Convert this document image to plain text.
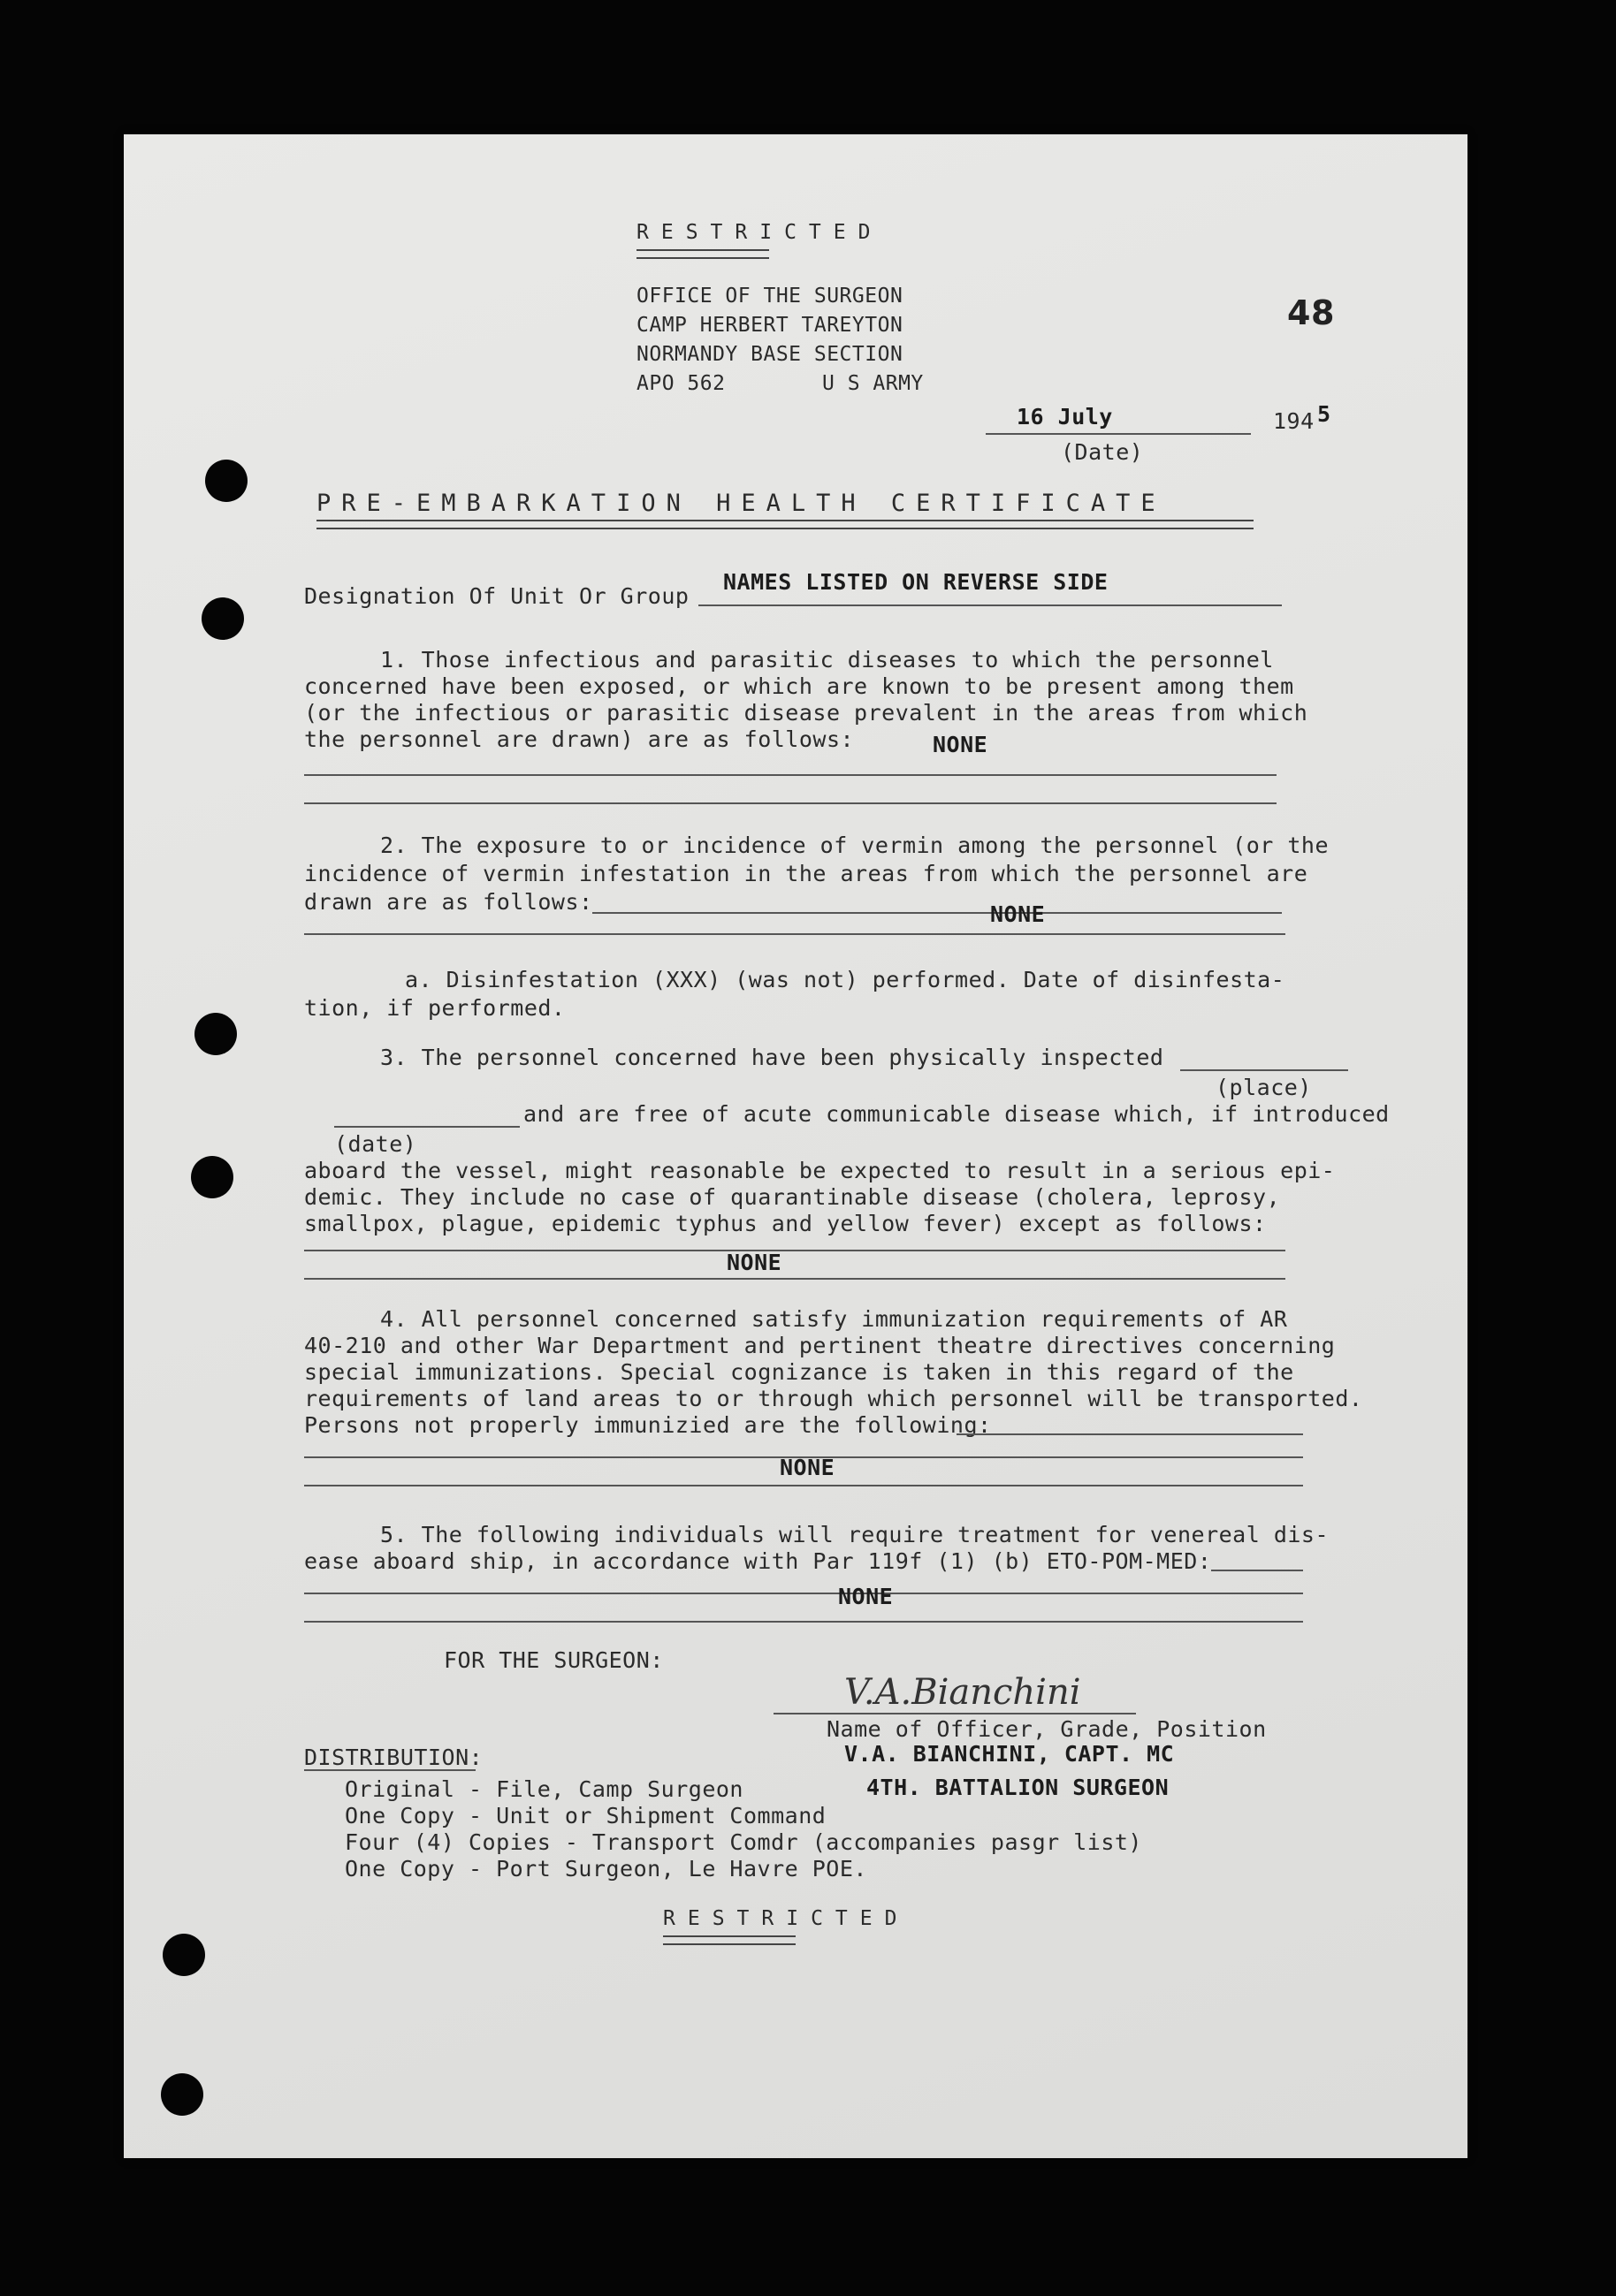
RESTRICTED
OFFICE OF THE SURGEON
CAMP HERBERT TAREYTON
NORMANDY BASE SECTION
APO 562	U S ARMY
48
16 July	194 5
(Date)
PRE-EMBARKATION HEALTH CERTIFICATE
Designation Of Unit Or Group
NAMES LISTED ON REVERSE SIDE
1. Those infectious and parasitic diseases to which the personnel
concerned have been exposed, or which are known to be present among them
(or the infectious or parasitic disease prevalent in the areas from which
the personnel are drawn) are as follows:	NONE
2. The exposure to or incidence of vermin among the personnel (or the
incidence of vermin infestation in the areas from which the personnel are
drawn are as follows:	NONE
a. Disinfestation (XXX) (was not) performed. Date of disinfesta-
tion, if performed.
3. The personnel concerned have been physically inspected
(place)
and are free of acute communicable disease which, if introduced
(date)
aboard the vessel, might reasonable be expected to result in a serious epi-
demic. They include no case of quarantinable disease (cholera, leprosy,
smallpox, plague, epidemic typhus and yellow fever) except as follows:
NONE
4. All personnel concerned satisfy immunization requirements of AR
40-210 and other War Department and pertinent theatre directives concerning
special immunizations. Special cognizance is taken in this regard of the
requirements of land areas to or through which personnel will be transported.
Persons not properly immunizied are the following:
NONE
5. The following individuals will require treatment for venereal dis-
ease aboard ship, in accordance with Par 119f (1) (b) ETO-POM-MED:
NONE
FOR THE SURGEON:
V.A.Bianchini
Name of Officer, Grade, Position
V.A. BIANCHINI, CAPT. MC
4TH. BATTALION SURGEON
DISTRIBUTION:
Original - File, Camp Surgeon
One Copy - Unit or Shipment Command
Four (4) Copies - Transport Comdr (accompanies pasgr list)
One Copy - Port Surgeon, Le Havre POE.
RESTRICTED
